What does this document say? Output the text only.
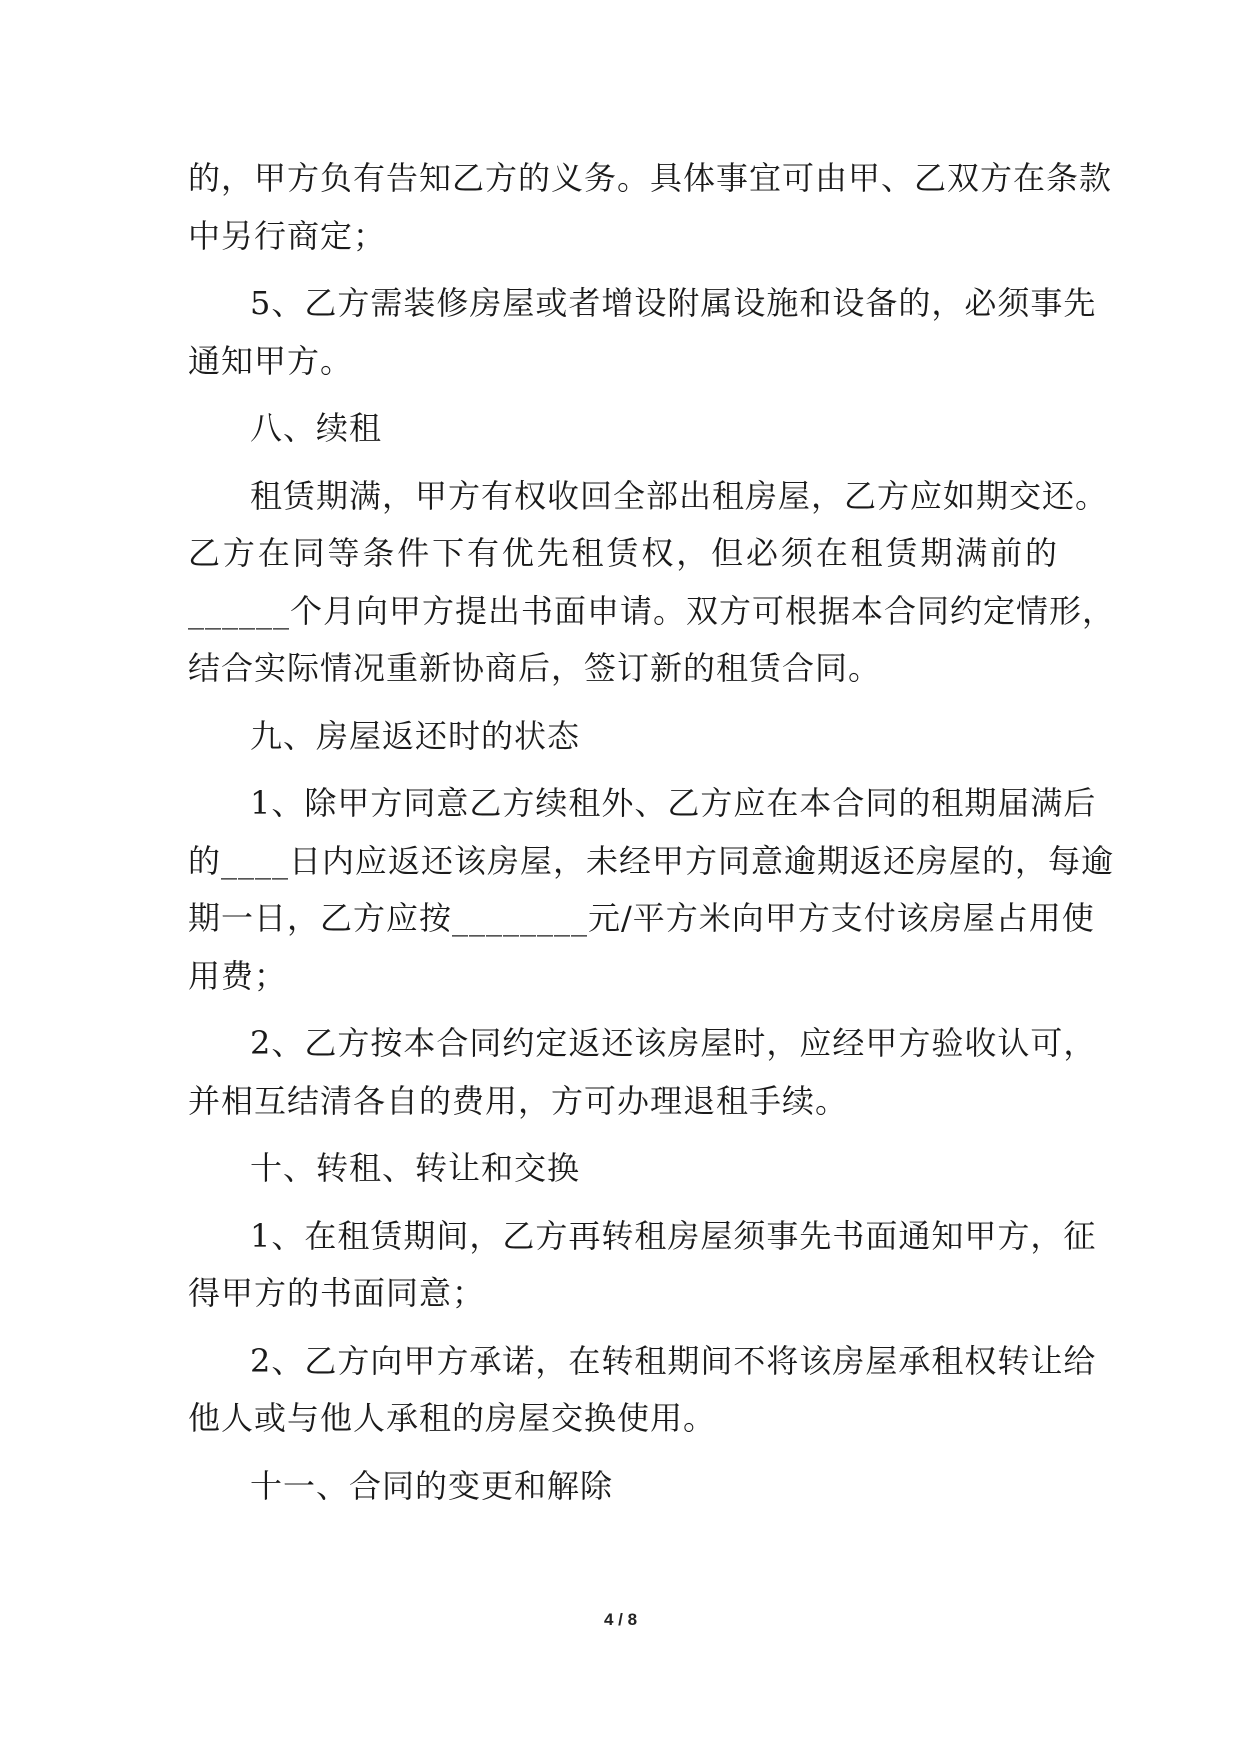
的，甲方负有告知乙方的义务。具体事宜可由甲、乙双方在条款
中另行商定；
5、乙方需装修房屋或者增设附属设施和设备的，必须事先
通知甲方。
八、续租
租赁期满，甲方有权收回全部出租房屋，乙方应如期交还。
乙方在同等条件下有优先租赁权，但必须在租赁期满前的
______个月向甲方提出书面申请。双方可根据本合同约定情形，
结合实际情况重新协商后，签订新的租赁合同。
九、房屋返还时的状态
1、除甲方同意乙方续租外、乙方应在本合同的租期届满后
的____日内应返还该房屋，未经甲方同意逾期返还房屋的，每逾
期一日，乙方应按________元/平方米向甲方支付该房屋占用使
用费；
2、乙方按本合同约定返还该房屋时，应经甲方验收认可，
并相互结清各自的费用，方可办理退租手续。
十、转租、转让和交换
1、在租赁期间，乙方再转租房屋须事先书面通知甲方，征
得甲方的书面同意；
2、乙方向甲方承诺，在转租期间不将该房屋承租权转让给
他人或与他人承租的房屋交换使用。
十一、合同的变更和解除
4 / 8
